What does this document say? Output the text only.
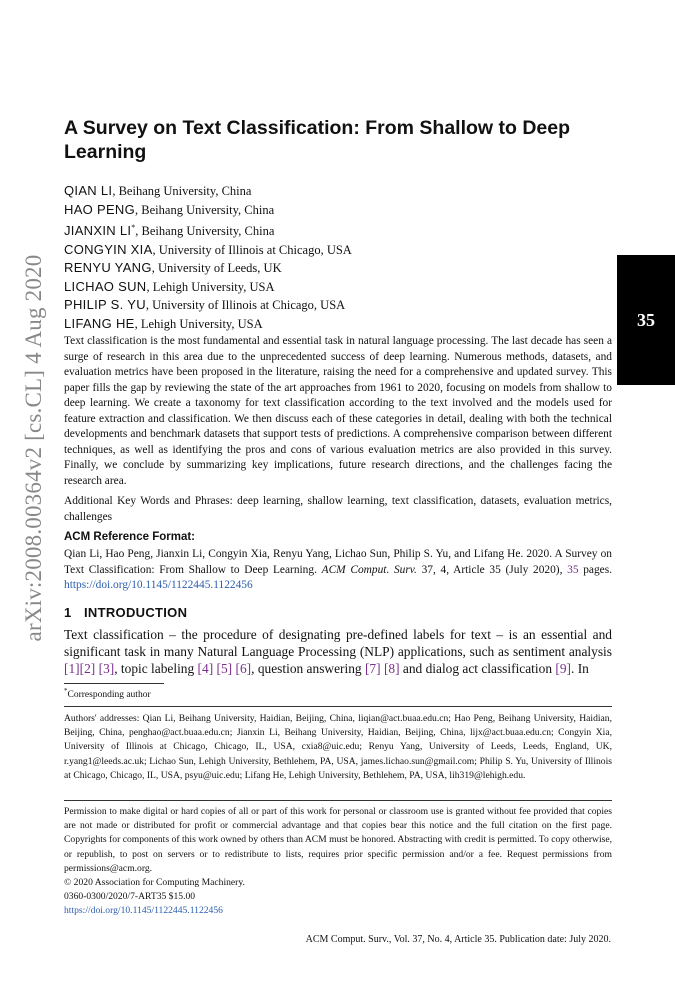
arXiv:2008.00364v2 [cs.CL] 4 Aug 2020	35
A Survey on Text Classification: From Shallow to Deep Learning
QIAN LI, Beihang University, China
HAO PENG, Beihang University, China
JIANXIN LI*, Beihang University, China
CONGYIN XIA, University of Illinois at Chicago, USA
RENYU YANG, University of Leeds, UK
LICHAO SUN, Lehigh University, USA
PHILIP S. YU, University of Illinois at Chicago, USA
LIFANG HE, Lehigh University, USA
Text classification is the most fundamental and essential task in natural language processing. The last decade has seen a surge of research in this area due to the unprecedented success of deep learning. Numerous methods, datasets, and evaluation metrics have been proposed in the literature, raising the need for a comprehensive and updated survey. This paper fills the gap by reviewing the state of the art approaches from 1961 to 2020, focusing on models from shallow to deep learning. We create a taxonomy for text classification according to the text involved and the models used for feature extraction and classification. We then discuss each of these categories in detail, dealing with both the technical developments and benchmark datasets that support tests of predictions. A comprehensive comparison between different techniques, as well as identifying the pros and cons of various evaluation metrics are also provided in this survey. Finally, we conclude by summarizing key implications, future research directions, and the challenges facing the research area.
Additional Key Words and Phrases: deep learning, shallow learning, text classification, datasets, evaluation metrics, challenges
ACM Reference Format:
Qian Li, Hao Peng, Jianxin Li, Congyin Xia, Renyu Yang, Lichao Sun, Philip S. Yu, and Lifang He. 2020. A Survey on Text Classification: From Shallow to Deep Learning. ACM Comput. Surv. 37, 4, Article 35 (July 2020), 35 pages. https://doi.org/10.1145/1122445.1122456
1 INTRODUCTION
Text classification – the procedure of designating pre-defined labels for text – is an essential and significant task in many Natural Language Processing (NLP) applications, such as sentiment analysis [1][2] [3], topic labeling [4] [5] [6], question answering [7] [8] and dialog act classification [9]. In
*Corresponding author
Authors' addresses: Qian Li, Beihang University, Haidian, Beijing, China, liqian@act.buaa.edu.cn; Hao Peng, Beihang University, Haidian, Beijing, China, penghao@act.buaa.edu.cn; Jianxin Li, Beihang University, Haidian, Beijing, China, lijx@act.buaa.edu.cn; Congyin Xia, University of Illinois at Chicago, Chicago, IL, USA, cxia8@uic.edu; Renyu Yang, University of Leeds, Leeds, England, UK, r.yang1@leeds.ac.uk; Lichao Sun, Lehigh University, Bethlehem, PA, USA, james.lichao.sun@gmail.com; Philip S. Yu, University of Illinois at Chicago, Chicago, IL, USA, psyu@uic.edu; Lifang He, Lehigh University, Bethlehem, PA, USA, lih319@lehigh.edu.
Permission to make digital or hard copies of all or part of this work for personal or classroom use is granted without fee provided that copies are not made or distributed for profit or commercial advantage and that copies bear this notice and the full citation on the first page. Copyrights for components of this work owned by others than ACM must be honored. Abstracting with credit is permitted. To copy otherwise, or republish, to post on servers or to redistribute to lists, requires prior specific permission and/or a fee. Request permissions from permissions@acm.org.
© 2020 Association for Computing Machinery.
0360-0300/2020/7-ART35 $15.00
https://doi.org/10.1145/1122445.1122456
ACM Comput. Surv., Vol. 37, No. 4, Article 35. Publication date: July 2020.
